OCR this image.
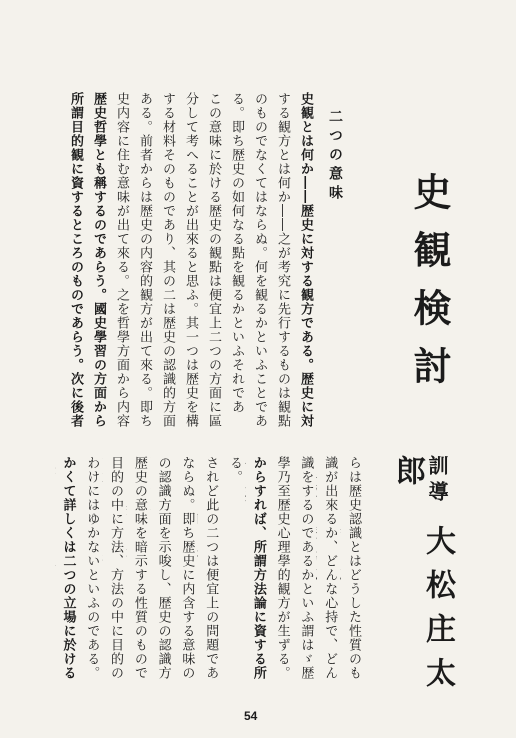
史観検討
訓導大松庄太郎
二つの意味
史観とは何か――歴史に対する観方である。歴史に対
する観方とは何か――之が考究に先行するものは観點
のものでなくてはならぬ。何を観るかといふことであ
る。即ち歴史の如何なる點を観るかといふそれであ
この意味に於ける歴史の観點は便宜上二つの方面に區
分して考へることが出來ると思ふ。其一つは歴史を構
する材料そのものであり、其の二は歴史の認識的方面
ある。前者からは歴史の内容的観方が出て來る。即ち
史内容に住む意味が出て來る。之を哲學方面から内容
歴史哲學とも稱するのであらう。國史學習の方面から
所謂目的観に資するところのものであらう。次に後者
54
らは歴史認識とはどうした性質のも
識が出來るか、どんな心持で、どん
識をするのであるかといふ謂はゞ歴
學乃至歴史心理學的観方が生ずる。
からすれば、所謂方法論に資する所
る。
されど此の二つは便宜上の問題であ
ならぬ。即ち歴史に内含する意味の
の認識方面を示唆し、歴史の認識方
歴史の意味を暗示する性質のもので
目的の中に方法、方法の中に目的の
わけにはゆかないといふのである。
かくて詳しくは二つの立場に於ける
